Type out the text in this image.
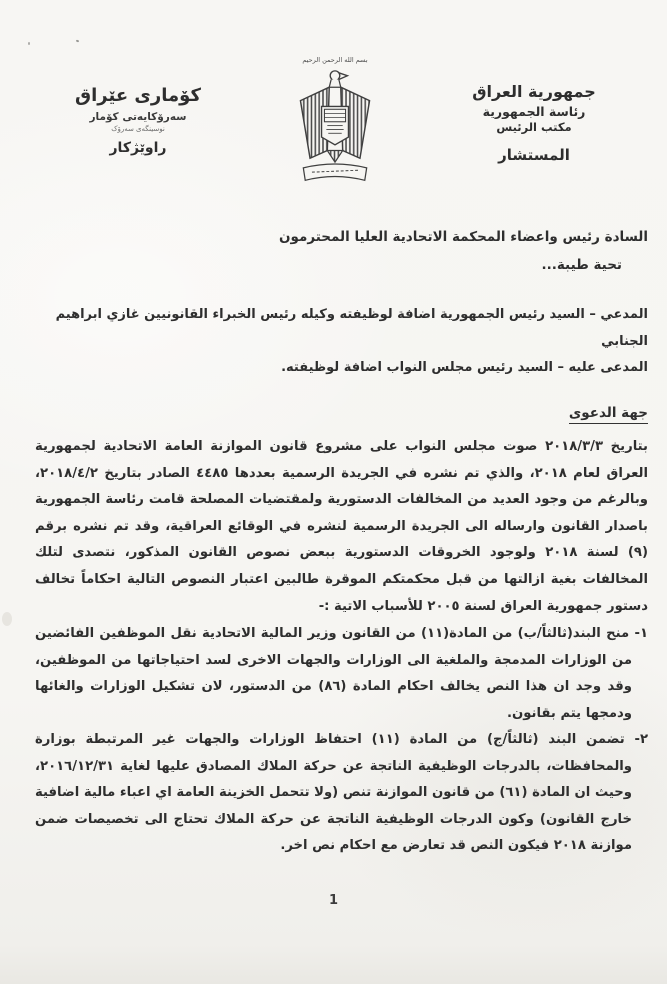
کۆماری عێراق
سەرۆکایەتی کۆمار
نوسینگەی سەرۆک
راوێژکار
بسم الله الرحمن الرحيم
جمهورية العراق
رئاسة الجمهورية
مكتب الرئيس
المستشار
السادة رئيس واعضاء المحكمة الاتحادية العليا المحترمون
تحية طيبة...
المدعي – السيد رئيس الجمهورية اضافة لوظيفته وكيله رئيس الخبراء القانونيين غازي ابراهيم الجنابي
المدعى عليه – السيد رئيس مجلس النواب اضافة لوظيفته.
جهة الدعوى
بتاريخ ٢٠١٨/٣/٣ صوت مجلس النواب على مشروع قانون الموازنة العامة الاتحادية لجمهورية العراق لعام ٢٠١٨، والذي تم نشره في الجريدة الرسمية بعددها ٤٤٨٥ الصادر بتاريخ ٢٠١٨/٤/٢، وبالرغم من وجود العديد من المخالفات الدستورية ولمقتضيات المصلحة قامت رئاسة الجمهورية باصدار القانون وارساله الى الجريدة الرسمية لنشره في الوقائع العراقية، وقد تم نشره برقم (٩) لسنة ٢٠١٨ ولوجود الخروقات الدستورية ببعض نصوص القانون المذكور، نتصدى لتلك المخالفات بغية ازالتها من قبل محكمتكم الموقرة طالبين اعتبار النصوص التالية احكاماً تخالف دستور جمهورية العراق لسنة ٢٠٠٥ للأسباب الاتية :-
١- منح البند(ثالثاً/ب) من المادة(١١) من القانون وزير المالية الاتحادية نقل الموظفين الفائضين من الوزارات المدمجة والملغية الى الوزارات والجهات الاخرى لسد احتياجاتها من الموظفين، وقد وجد ان هذا النص يخالف احكام المادة (٨٦) من الدستور، لان تشكيل الوزارات والغائها ودمجها يتم بقانون.
٢- تضمن البند (ثالثاً/ج) من المادة (١١) احتفاظ الوزارات والجهات غير المرتبطة بوزارة والمحافظات، بالدرجات الوظيفية الناتجة عن حركة الملاك المصادق عليها لغاية ٢٠١٦/١٢/٣١، وحيث ان المادة (٦١) من قانون الموازنة تنص (ولا تتحمل الخزينة العامة اي اعباء مالية اضافية خارج القانون) وكون الدرجات الوظيفية الناتجة عن حركة الملاك تحتاج الى تخصيصات ضمن موازنة ٢٠١٨ فيكون النص قد تعارض مع احكام نص اخر.
1
